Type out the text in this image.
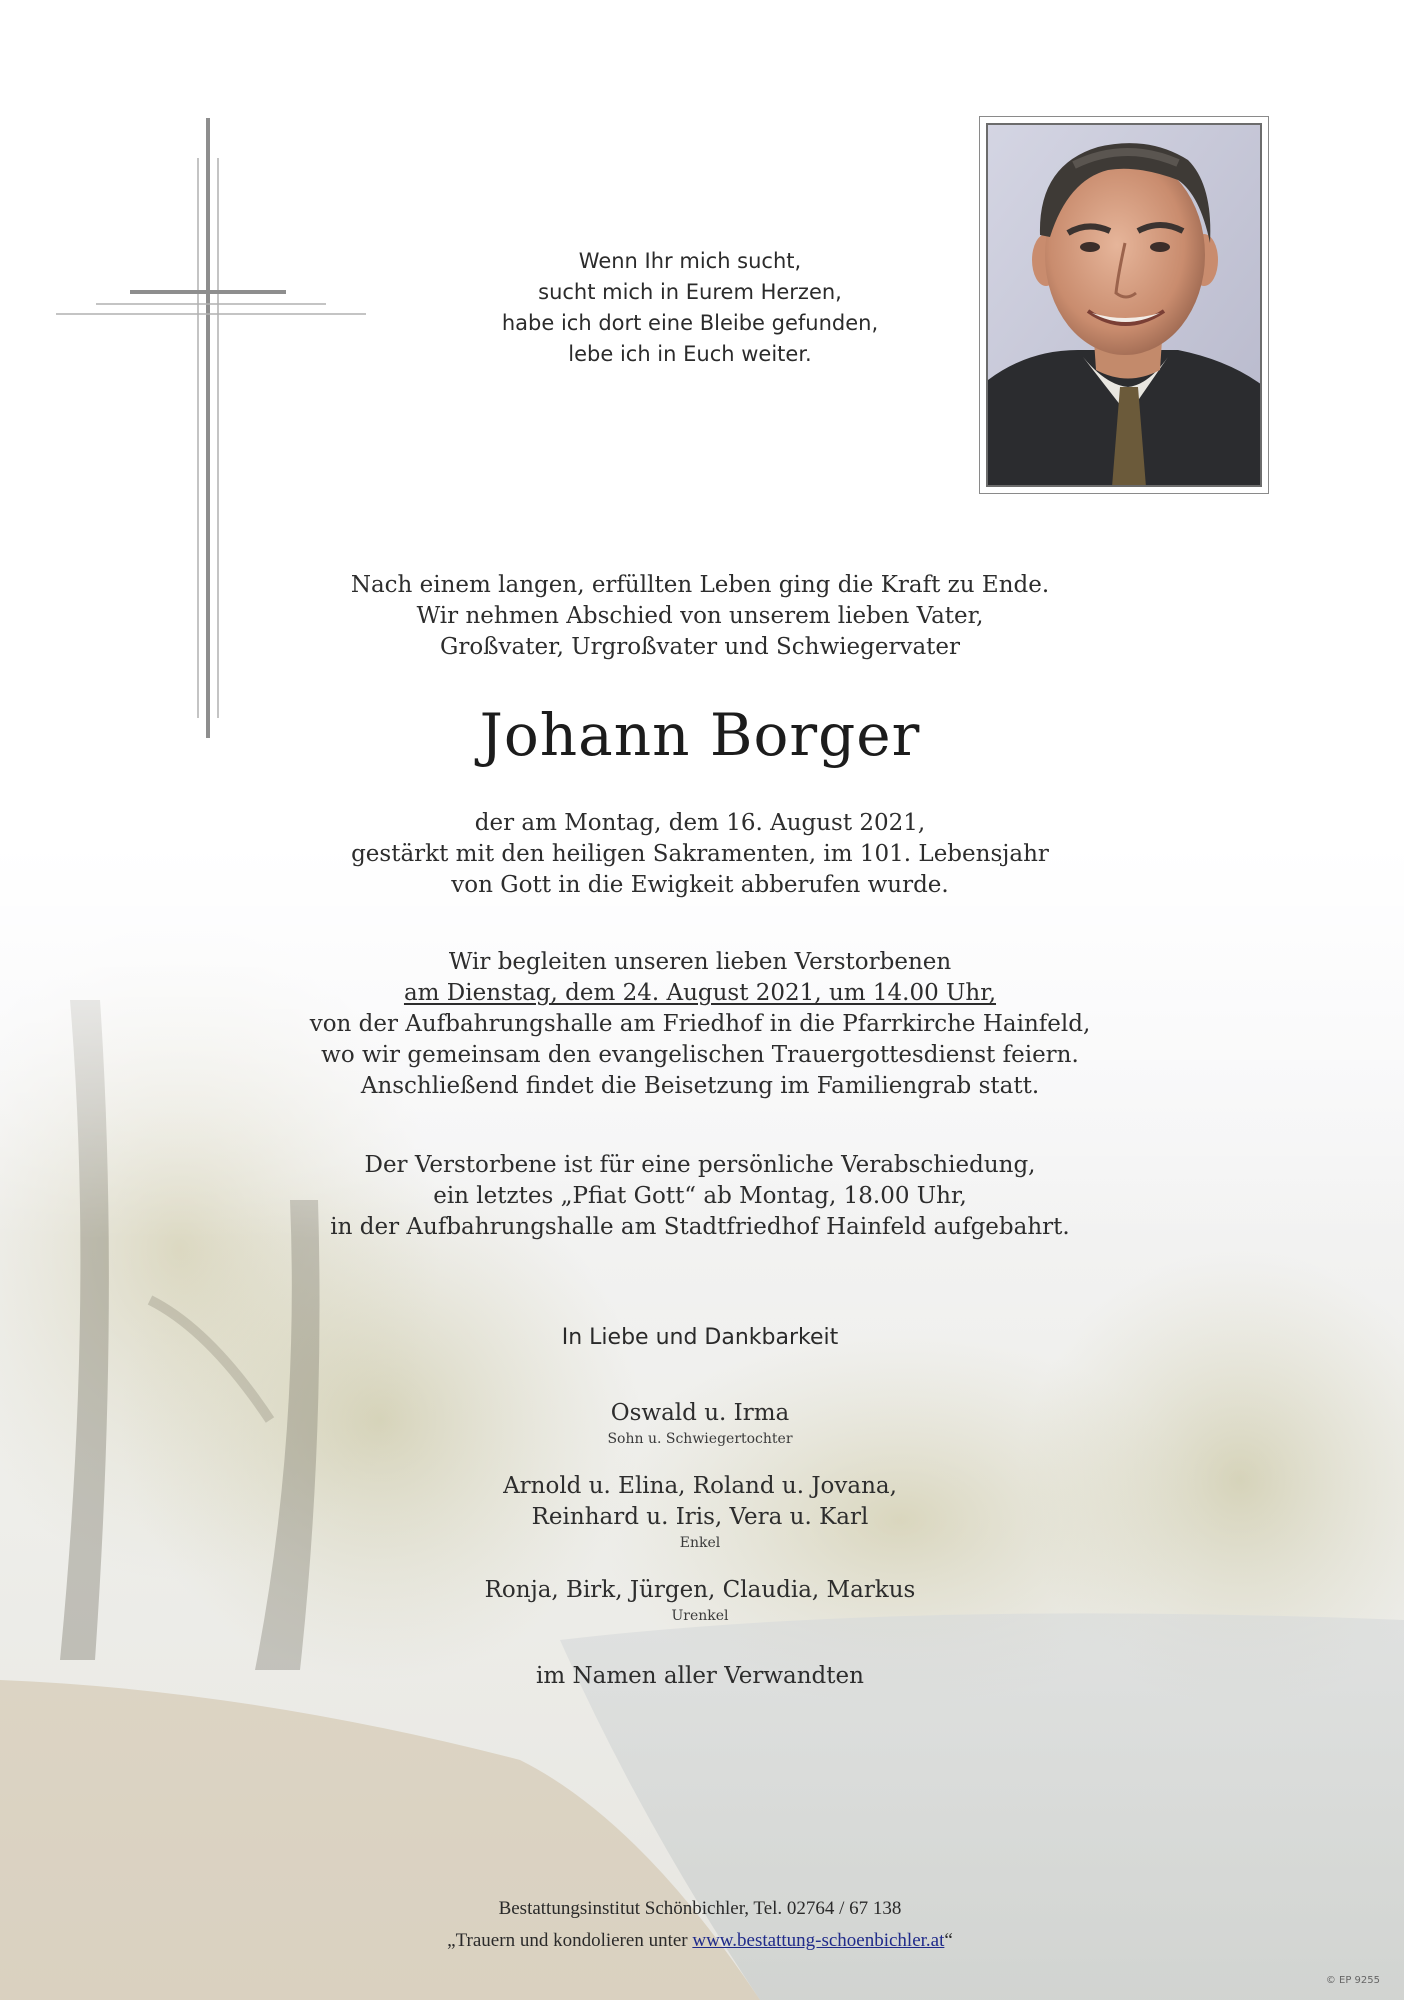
Wenn Ihr mich sucht,
sucht mich in Eurem Herzen,
habe ich dort eine Bleibe gefunden,
lebe ich in Euch weiter.
Nach einem langen, erfüllten Leben ging die Kraft zu Ende.
Wir nehmen Abschied von unserem lieben Vater,
Großvater, Urgroßvater und Schwiegervater
Johann Borger
der am Montag, dem 16. August 2021,
gestärkt mit den heiligen Sakramenten, im 101. Lebensjahr
von Gott in die Ewigkeit abberufen wurde.
Wir begleiten unseren lieben Verstorbenen
am Dienstag, dem 24. August 2021, um 14.00 Uhr,
von der Aufbahrungshalle am Friedhof in die Pfarrkirche Hainfeld,
wo wir gemeinsam den evangelischen Trauergottesdienst feiern.
Anschließend findet die Beisetzung im Familiengrab statt.
Der Verstorbene ist für eine persönliche Verabschiedung,
ein letztes „Pfiat Gott“ ab Montag, 18.00 Uhr,
in der Aufbahrungshalle am Stadtfriedhof Hainfeld aufgebahrt.
In Liebe und Dankbarkeit
Oswald u. Irma
Sohn u. Schwiegertochter
Arnold u. Elina, Roland u. Jovana,
Reinhard u. Iris, Vera u. Karl
Enkel
Ronja, Birk, Jürgen, Claudia, Markus
Urenkel
im Namen aller Verwandten
Bestattungsinstitut Schönbichler, Tel. 02764 / 67 138
„Trauern und kondolieren unter www.bestattung-schoenbichler.at“
© EP 9255
